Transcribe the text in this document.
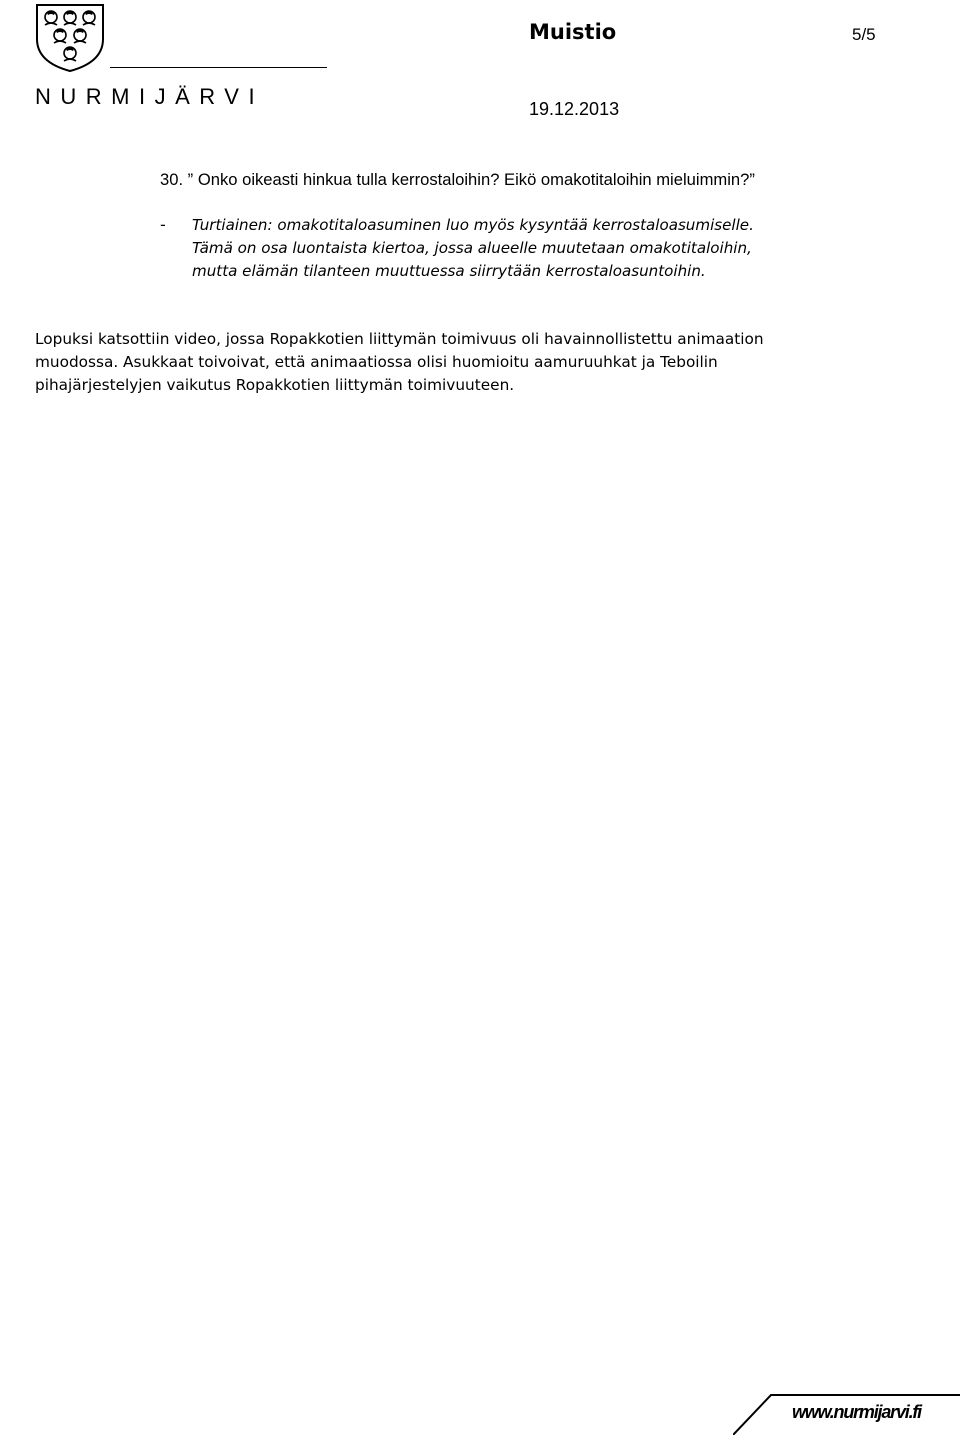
NURMIJÄRVI
Muistio	5/5
19.12.2013
30. ” Onko oikeasti hinkua tulla kerrostaloihin? Eikö omakotitaloihin mieluimmin?”
- Turtiainen: omakotitaloasuminen luo myös kysyntää kerrostaloasumiselle.
Tämä on osa luontaista kiertoa, jossa alueelle muutetaan omakotitaloihin,
mutta elämän tilanteen muuttuessa siirrytään kerrostaloasuntoihin.
Lopuksi katsottiin video, jossa Ropakkotien liittymän toimivuus oli havainnollistettu animaation
muodossa. Asukkaat toivoivat, että animaatiossa olisi huomioitu aamuruuhkat ja Teboilin
pihajärjestelyjen vaikutus Ropakkotien liittymän toimivuuteen.
www.nurmijarvi.fi
